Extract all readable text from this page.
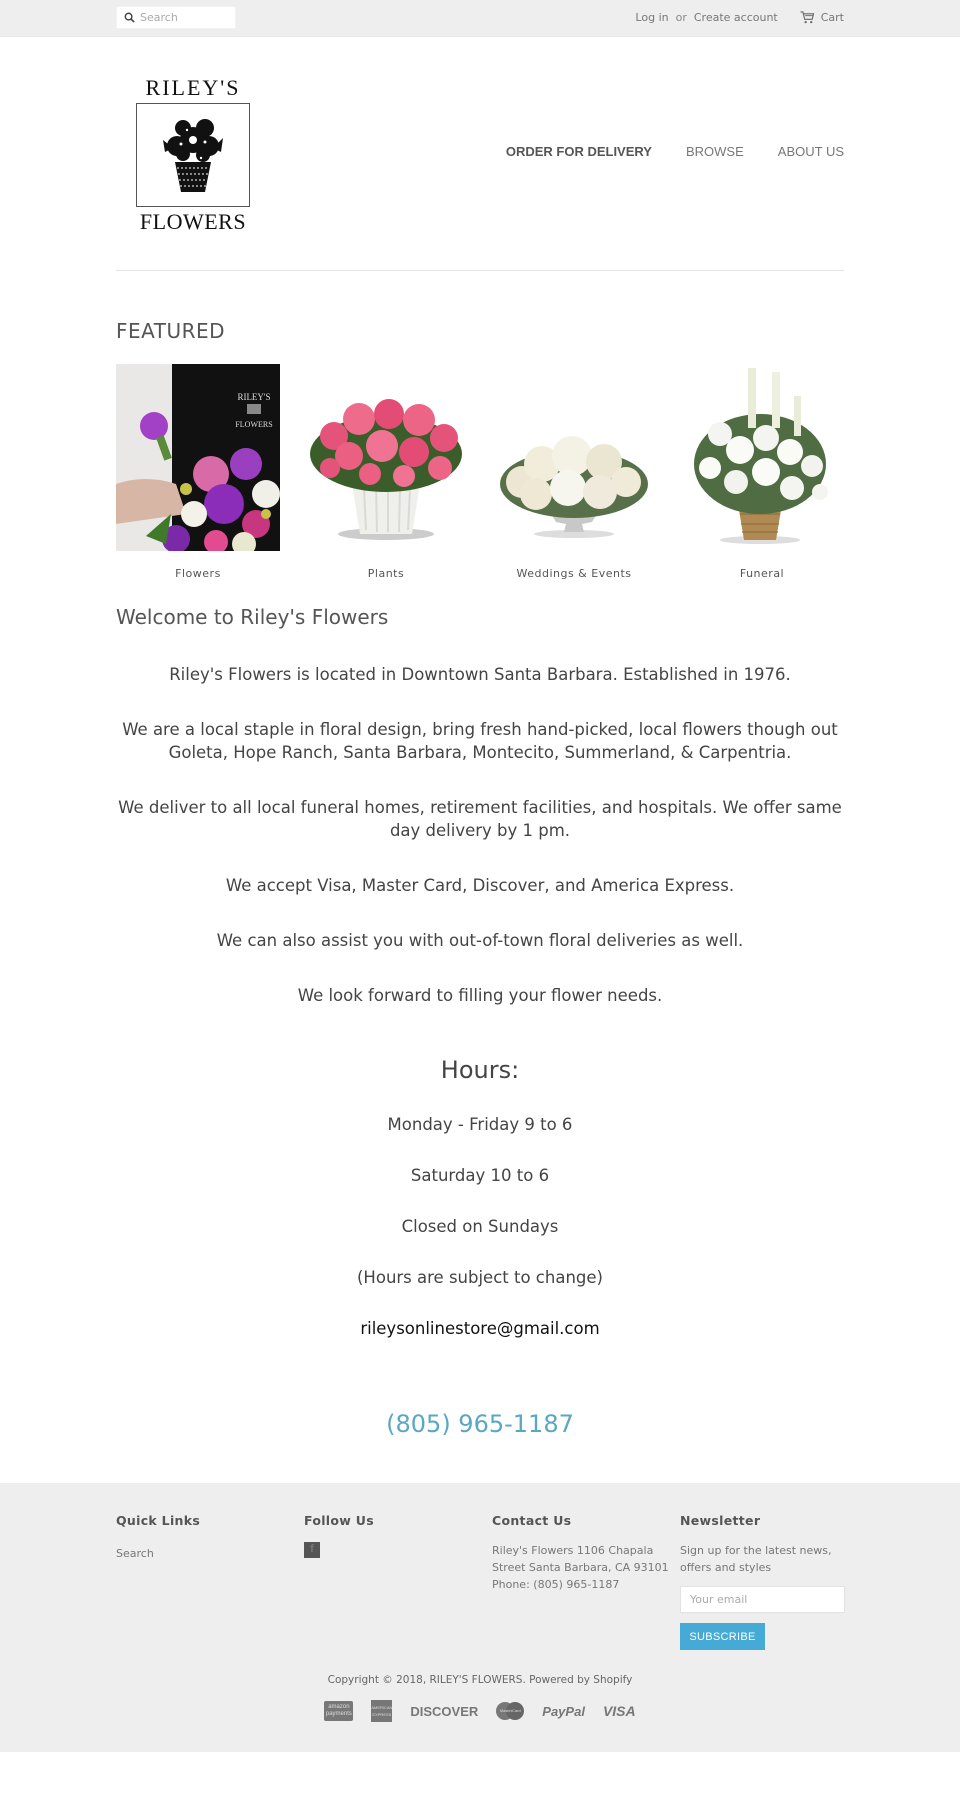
Search
Log in or Create account	Cart
RILEY'S
FLOWERS
ORDER FOR DELIVERY	BROWSE	ABOUT US
FEATURED
RILEY'S
FLOWERS
Flowers	Plants	Weddings & Events	Funeral
Welcome to Riley's Flowers

Riley's Flowers is located in Downtown Santa Barbara. Established in 1976.

We are a local staple in floral design, bring fresh hand-picked, local flowers though out Goleta, Hope Ranch, Santa Barbara, Montecito, Summerland, & Carpentria.

We deliver to all local funeral homes, retirement facilities, and hospitals. We offer same day delivery by 1 pm.

We accept Visa, Master Card, Discover, and America Express.

We can also assist you with out-of-town floral deliveries as well.

We look forward to filling your flower needs.

Hours:

Monday - Friday 9 to 6

Saturday 10 to 6

Closed on Sundays

(Hours are subject to change)

rileysonlinestore@gmail.com

(805) 965-1187
Quick Links
Search
Follow Us
f
Contact Us

Riley's Flowers 1106 Chapala

Street Santa Barbara, CA 93101

Phone: (805) 965-1187

Newsletter

Sign up for the latest news,

offers and styles

Your email
SUBSCRIBE
Copyright © 2018, RILEY'S FLOWERS. Powered by Shopify
amazon payments
AMERICAN EXPRESS DISCOVER	MasterCard PayPal VISA
